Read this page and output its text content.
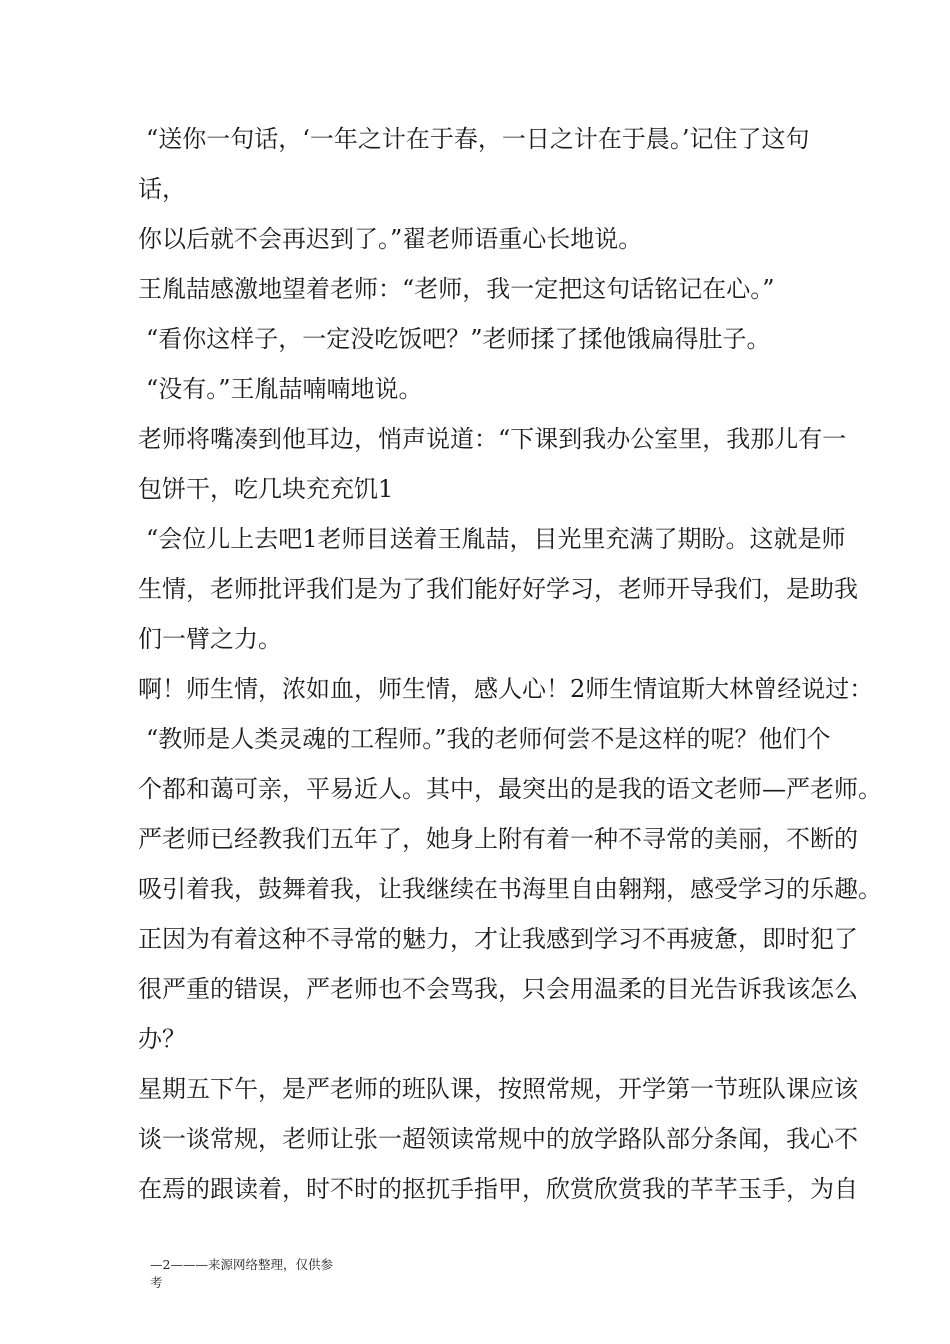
“送你一句话，‘一年之计在于春，一日之计在于晨。’记住了这句
话，
你以后就不会再迟到了。”翟老师语重心长地说。
王胤喆感激地望着老师：“老师，我一定把这句话铭记在心。”
“看你这样子，一定没吃饭吧？”老师揉了揉他饿扁得肚子。
“没有。”王胤喆喃喃地说。
老师将嘴凑到他耳边，悄声说道：“下课到我办公室里，我那儿有一
包饼干，吃几块充充饥1
“会位儿上去吧1老师目送着王胤喆，目光里充满了期盼。这就是师
生情，老师批评我们是为了我们能好好学习，老师开导我们，是助我
们一臂之力。
啊！师生情，浓如血，师生情，感人心！2师生情谊斯大林曾经说过：
“教师是人类灵魂的工程师。”我的老师何尝不是这样的呢？他们个
个都和蔼可亲，平易近人。其中，最突出的是我的语文老师—严老师。
严老师已经教我们五年了，她身上附有着一种不寻常的美丽，不断的
吸引着我，鼓舞着我，让我继续在书海里自由翱翔，感受学习的乐趣。
正因为有着这种不寻常的魅力，才让我感到学习不再疲惫，即时犯了
很严重的错误，严老师也不会骂我，只会用温柔的目光告诉我该怎么
办？
星期五下午，是严老师的班队课，按照常规，开学第一节班队课应该
谈一谈常规，老师让张一超领读常规中的放学路队部分条闻，我心不
在焉的跟读着，时不时的抠扤手指甲，欣赏欣赏我的芊芊玉手，为自
—2———来源网络整理，仅供参
考
